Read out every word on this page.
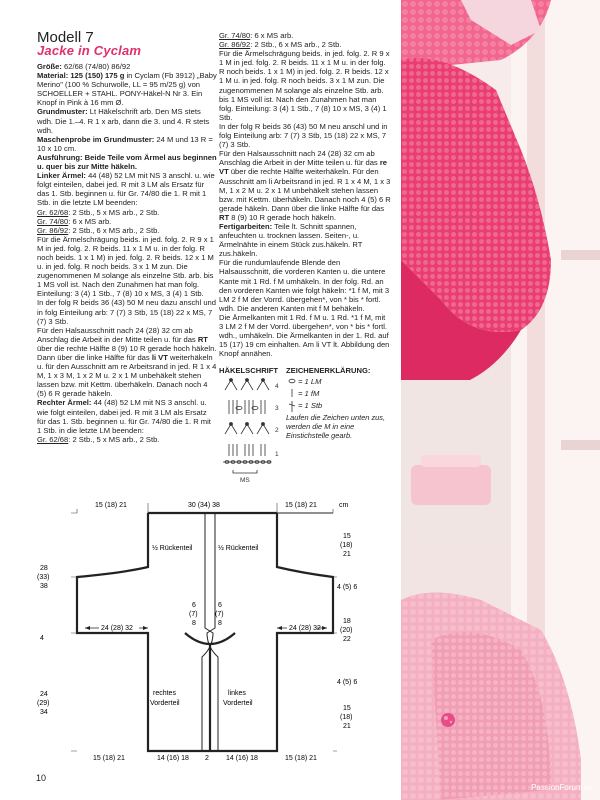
Modell 7
Jacke in Cyclam

Größe: 62/68 (74/80) 86/92

Material: 125 (150) 175 g in Cyclam (Fb 3912) „Baby Merino" (100 % Schurwolle, LL = 95 m/25 g) von SCHOELLER + STAHL. PONY-Häkel-N Nr 3. Ein Knopf in Pink à 16 mm Ø.

Grundmuster: Lt Häkelschrift arb. Den MS stets wdh. Die 1.–4. R 1 x arb, dann die 3. und 4. R stets wdh.

Maschenprobe im Grundmuster: 24 M und 13 R = 10 x 10 cm.

Ausführung: Beide Teile vom Ärmel aus beginnen u. quer bis zur Mitte häkeln.

Linker Ärmel: 44 (48) 52 LM mit NS 3 anschl. u. wie folgt einteilen, dabei jed. R mit 3 LM als Ersatz für das 1. Stb. beginnen u. für Gr. 74/80 die 1. R mit 1 Stb. in die letzte LM beenden:

Gr. 62/68: 2 Stb., 5 x MS arb., 2 Stb.

Gr. 74/80: 6 x MS arb.

Gr. 86/92: 2 Stb., 6 x MS arb., 2 Stb.

Für die Ärmelschrägung beids. in jed. folg. 2. R 9 x 1 M in jed. folg. 2. R beids. 11 x 1 M u. in der folg. R noch beids. 1 x 1 M) in jed. folg. 2. R beids. 12 x 1 M u. in jed. folg. R noch beids. 3 x 1 M zun. Die zugenommenen M solange als einzelne Stb. arb. bis 1 MS voll ist. Nach den Zunahmen hat man folg. Einteilung: 3 (4) 1 Stb., 7 (8) 10 x MS, 3 (4) 1 Stb.

In der folg R beids 36 (43) 50 M neu dazu anschl und in folg Einteilung arb: 7 (7) 3 Stb, 15 (18) 22 x MS, 7 (7) 3 Stb.

Für den Halsausschnitt nach 24 (28) 32 cm ab Anschlag die Arbeit in der Mitte teilen u. für das RT über die rechte Hälfte 8 (9) 10 R gerade hoch häkeln. Dann über die linke Hälfte für das li VT weiterhäkeln u. für den Ausschnitt am re Arbeitsrand in jed. R 1 x 4 M, 1 x 3 M, 1 x 2 M u. 2 x 1 M unbehäkelt stehen lassen bzw. mit Kettm. überhäkeln. Danach noch 4 (5) 6 R gerade häkeln.

Rechter Ärmel: 44 (48) 52 LM mit NS 3 anschl. u. wie folgt einteilen, dabei jed. R mit 3 LM als Ersatz für das 1. Stb. beginnen u. für Gr. 74/80 die 1. R mit 1 Stb. in die letzte LM beenden:

Gr. 62/68: 2 Stb., 5 x MS arb., 2 Stb.

Gr. 74/80: 6 x MS arb.

Gr. 86/92: 2 Stb., 6 x MS arb., 2 Stb.

Für die Ärmelschrägung beids. in jed. folg. 2. R 9 x 1 M in jed. folg. 2. R beids. 11 x 1 M u. in der folg. R noch beids. 1 x 1 M) in jed. folg. 2. R beids. 12 x 1 M u. in jed. folg. R noch beids. 3 x 1 M zun. Die zugenommenen M solange als einzelne Stb. arb. bis 1 MS voll ist. Nach den Zunahmen hat man folg. Einteilung: 3 (4) 1 Stb., 7 (8) 10 x MS, 3 (4) 1 Stb.

In der folg R beids 36 (43) 50 M neu anschl und in folg Einteilung arb: 7 (7) 3 Stb, 15 (18) 22 x MS, 7 (7) 3 Stb.

Für den Halsausschnitt nach 24 (28) 32 cm ab Anschlag die Arbeit in der Mitte teilen u. für das re VT über die rechte Hälfte weiterhäkeln. Für den Ausschnitt am li Arbeitsrand in jed. R 1 x 4 M, 1 x 3 M, 1 x 2 M u. 2 x 1 M unbehäkelt stehen lassen bzw. mit Kettm. überhäkeln. Danach noch 4 (5) 6 R gerade häkeln. Dann über die linke Hälfte für das RT 8 (9) 10 R gerade hoch häkeln.

Fertigarbeiten: Teile lt. Schnitt spannen, anfeuchten u. trocknen lassen. Seiten-, u. Ärmelnähte in einem Stück zus.häkeln. RT zus.häkeln.

Für die rundumlaufende Blende den Halsausschnitt, die vorderen Kanten u. die untere Kante mit 1 Rd. f M umhäkeln. In der folg. Rd. an den vorderen Kanten wie folgt häkeln: *1 f M, mit 3 LM 2 f M der Vorrd. übergehen*, von * bis * fortl. wdh. Die anderen Kanten mit f M behäkeln.

Die Ärmelkanten mit 1 Rd. f M u. 1 Rd. *1 f M, mit 3 LM 2 f M der Vorrd. übergehen*, von * bis * fortl. wdh., umhäkeln. Die Ärmelkanten in der 1. Rd. auf 15 (17) 19 cm einhalten. Am li VT lt. Abbildung den Knopf annähen.

HÄKELSCHRIFT ZEICHENERKLÄRUNG:
4
3
2
1
MS
= 1 LM
= 1 fM
= 1 Stb
Laufen die Zeichen unten zus, werden die M in eine Einstichstelle gearb.
15 (18) 21	30 (34) 38	15 (18) 21	cm
½ Rückenteil	½ Rückenteil
rechtes
Vorderteil
linkes
Vorderteil
28
(33)
38
4
24
(29)
34
15
(18)
21
4 (5) 6
18
(20)
22
4 (5) 6
15
(18)
21
24 (28) 32	24 (28) 32
6
(7)
8
6
(7)
8
15 (18) 21	14 (16) 18 2 14 (16) 18	15 (18) 21
10
PassionForum.ru
